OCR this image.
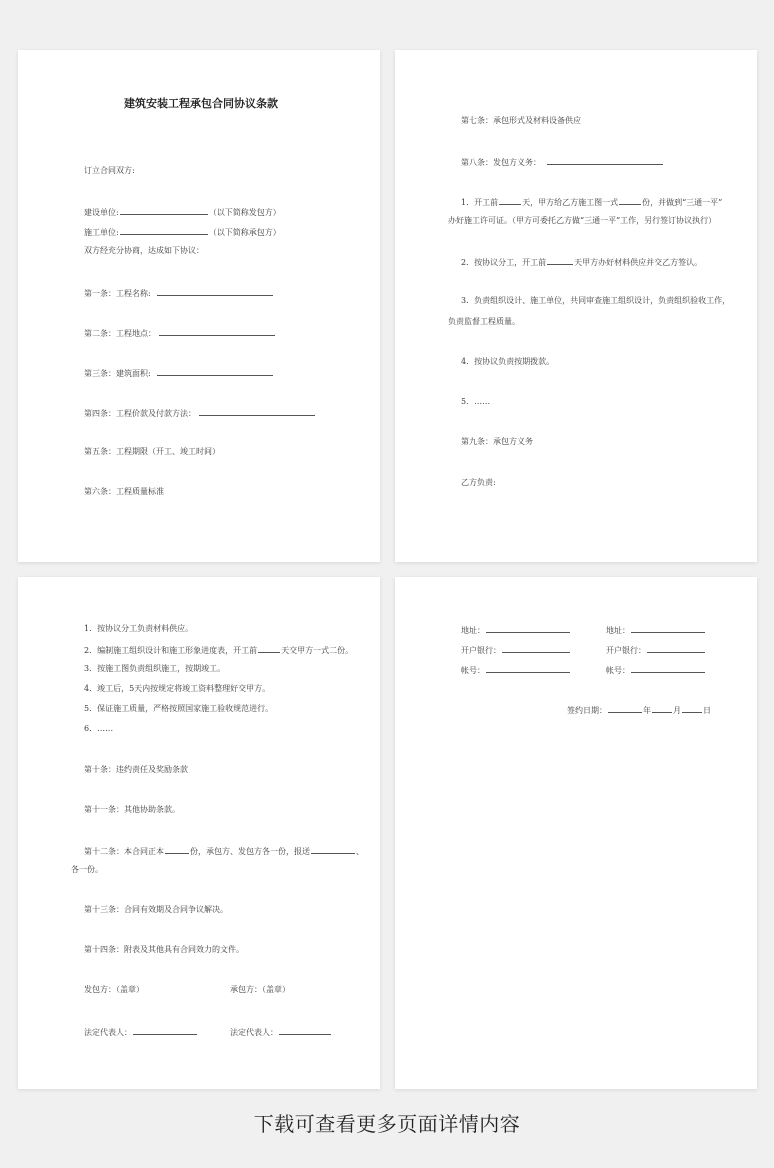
建筑安装工程承包合同协议条款
订立合同双方:
建设单位:	（以下简称发包方）
施工单位:	（以下简称承包方）
双方经充分协商，达成如下协议：
第一条：工程名称:
第二条：工程地点：
第三条：建筑面积:
第四条：工程价款及付款方法：
第五条：工程期限（开工、竣工时间）
第六条：工程质量标准
第七条：承包形式及材料设备供应
第八条：发包方义务：
1．开工前	天，甲方给乙方施工图一式	份，并做到“三通一平”
办好施工许可证。（甲方可委托乙方做“三通一平”工作，另行签订协议执行）
2．按协议分工，开工前	天甲方办好材料供应并交乙方签认。
3．负责组织设计、施工单位，共同审查施工组织设计，负责组织验收工作，
负责监督工程质量。
4．按协议负责按期拨款。
5．……
第九条：承包方义务
乙方负责:
1．按协议分工负责材料供应。
2．编制施工组织设计和施工形象进度表，开工前	天交甲方一式二份。
3．按施工图负责组织施工，按期竣工。
4．竣工后，5天内按规定将竣工资料整理好交甲方。
5．保证施工质量，严格按照国家施工验收规范进行。
6．……
第十条：违约责任及奖励条款
第十一条：其他协助条款。
第十二条：本合同正本	份，承包方、发包方各一份，报送	、
各一份。
第十三条：合同有效期及合同争议解决。
第十四条：附表及其他具有合同效力的文件。
发包方：（盖章）	承包方：（盖章）
法定代表人：	法定代表人：
地址：	地址：
开户银行：	开户银行：
帐号：	帐号：
签约日期：	年	月	日
下载可查看更多页面详情内容
